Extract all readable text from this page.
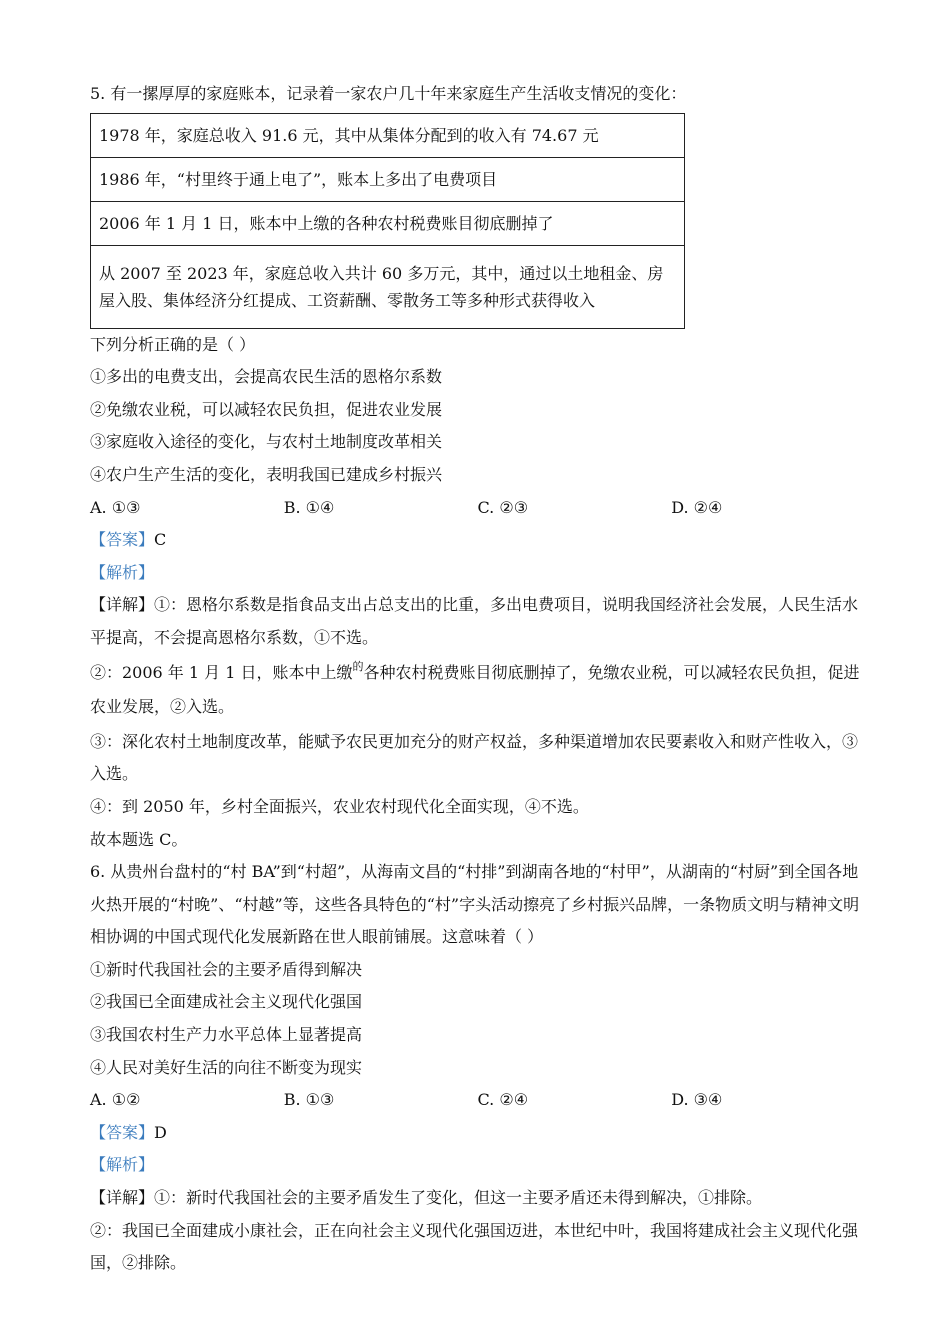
5. 有一摞厚厚的家庭账本，记录着一家农户几十年来家庭生产生活收支情况的变化：
1978 年，家庭总收入 91.6 元，其中从集体分配到的收入有 74.67 元
1986 年，“村里终于通上电了”，账本上多出了电费项目
2006 年 1 月 1 日，账本中上缴的各种农村税费账目彻底删掉了
从 2007 至 2023 年，家庭总收入共计 60 多万元，其中，通过以土地租金、房屋入股、集体经济分红提成、工资薪酬、零散务工等多种形式获得收入
下列分析正确的是（ ）
①多出的电费支出，会提高农民生活的恩格尔系数
②免缴农业税，可以减轻农民负担，促进农业发展
③家庭收入途径的变化，与农村土地制度改革相关
④农户生产生活的变化，表明我国已建成乡村振兴
A. ①③	B. ①④	C. ②③	D. ②④
【答案】C
【解析】
【详解】①：恩格尔系数是指食品支出占总支出的比重，多出电费项目，说明我国经济社会发展，人民生活水平提高，不会提高恩格尔系数，①不选。
②：2006 年 1 月 1 日，账本中上缴$^的$各种农村税费账目彻底删掉了，免缴农业税，可以减轻农民负担，促进农业发展，②入选。
③：深化农村土地制度改革，能赋予农民更加充分的财产权益，多种渠道增加农民要素收入和财产性收入，③入选。
④：到 2050 年，乡村全面振兴，农业农村现代化全面实现，④不选。
故本题选 C。
6. 从贵州台盘村的“村 BA”到“村超”，从海南文昌的“村排”到湖南各地的“村甲”，从湖南的“村厨”到全国各地火热开展的“村晚”、“村越”等，这些各具特色的“村”字头活动擦亮了乡村振兴品牌，一条物质文明与精神文明相协调的中国式现代化发展新路在世人眼前铺展。这意味着（ ）
①新时代我国社会的主要矛盾得到解决
②我国已全面建成社会主义现代化强国
③我国农村生产力水平总体上显著提高
④人民对美好生活的向往不断变为现实
A. ①②	B. ①③	C. ②④	D. ③④
【答案】D
【解析】
【详解】①：新时代我国社会的主要矛盾发生了变化，但这一主要矛盾还未得到解决，①排除。
②：我国已全面建成小康社会，正在向社会主义现代化强国迈进，本世纪中叶，我国将建成社会主义现代化强国，②排除。
